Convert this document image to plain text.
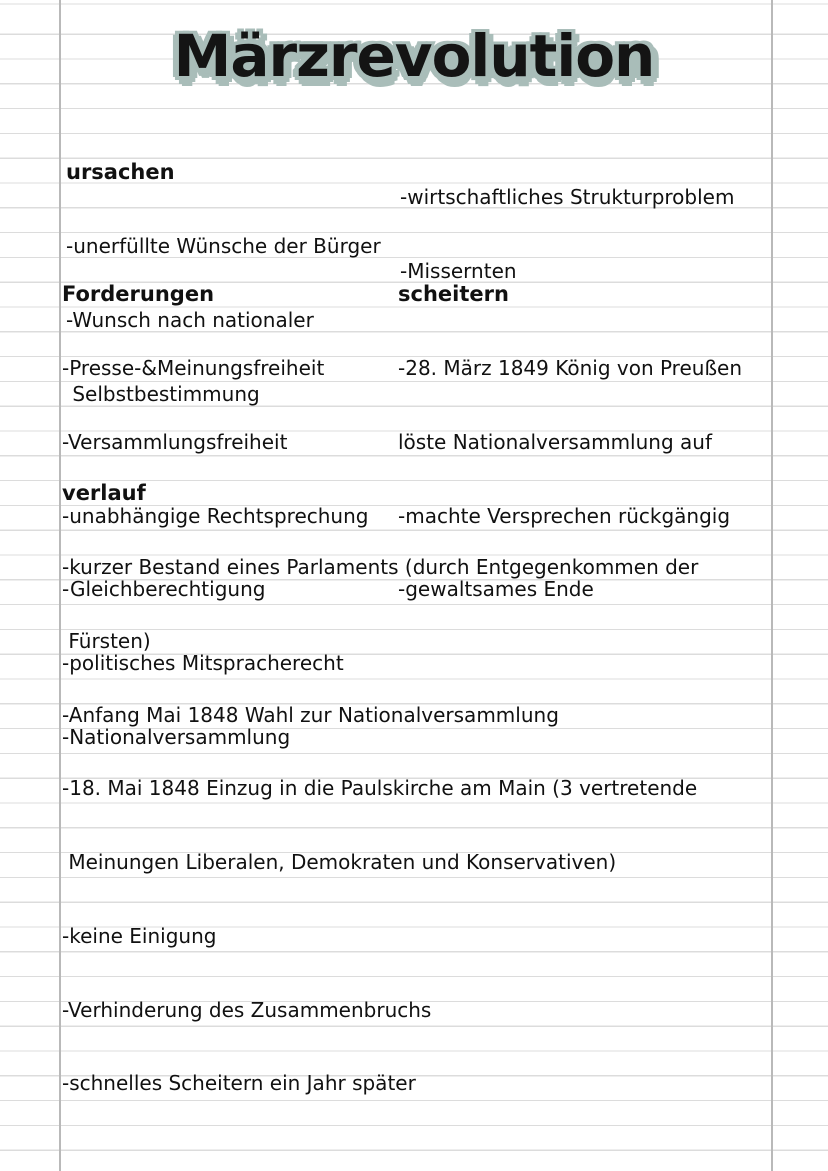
Märzrevolution

ursachen

-unerfüllte Wünsche der Bürger

-Wunsch nach nationaler

Selbstbestimmung

-wirtschaftliches Strukturproblem

-Missernten

Forderungen

-Presse-&Meinungsfreiheit

-Versammlungsfreiheit

-unabhängige Rechtsprechung

-Gleichberechtigung

-politisches Mitspracherecht

-Nationalversammlung

scheitern

-28. März 1849 König von Preußen

löste Nationalversammlung auf

-machte Versprechen rückgängig

-gewaltsames Ende

verlauf

-kurzer Bestand eines Parlaments (durch Entgegenkommen der

Fürsten)

-Anfang Mai 1848 Wahl zur Nationalversammlung

-18. Mai 1848 Einzug in die Paulskirche am Main (3 vertretende

Meinungen Liberalen, Demokraten und Konservativen)

-keine Einigung

-Verhinderung des Zusammenbruchs

-schnelles Scheitern ein Jahr später
